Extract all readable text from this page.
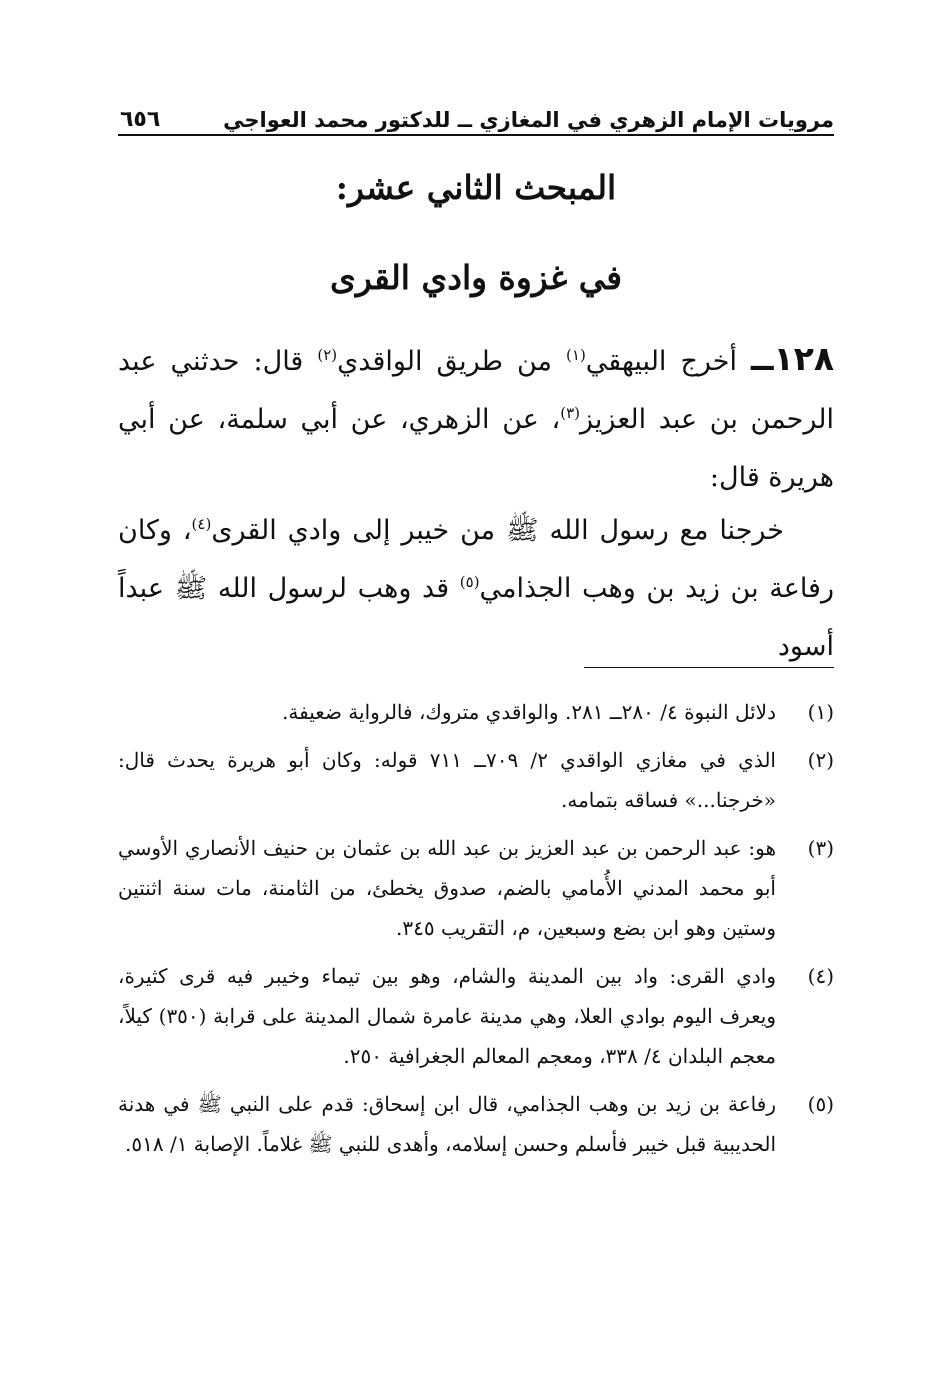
مرويات الإمام الزهري في المغازي ــ للدكتور محمد العواجي
٦٥٦
المبحث الثاني عشر:
في غزوة وادي القرى

١٢٨ــ أخرج البيهقي$^{(١)}$ من طريق الواقدي$^{(٢)}$ قال: حدثني عبد الرحمن بن عبد العزيز$^{(٣)}$، عن الزهري، عن أبي سلمة، عن أبي هريرة قال:

خرجنا مع رسول الله ﷺ من خيبر إلى وادي القرى$^{(٤)}$، وكان رفاعة بن زيد بن وهب الجذامي$^{(٥)}$ قد وهب لرسول الله ﷺ عبداً أسود

(١)
دلائل النبوة ٤/ ٢٨٠ــ ٢٨١. والواقدي متروك، فالرواية ضعيفة.
(٢)
الذي في مغازي الواقدي ٢/ ٧٠٩ــ ٧١١ قوله: وكان أبو هريرة يحدث قال: «خرجنا...» فساقه بتمامه.
(٣)
هو: عبد الرحمن بن عبد العزيز بن عبد الله بن عثمان بن حنيف الأنصاري الأوسي أبو محمد المدني الأُمامي بالضم، صدوق يخطئ، من الثامنة، مات سنة اثنتين وستين وهو ابن بضع وسبعين، م، التقريب ٣٤٥.
(٤)
وادي القرى: واد بين المدينة والشام، وهو بين تيماء وخيبر فيه قرى كثيرة، ويعرف اليوم بوادي العلا، وهي مدينة عامرة شمال المدينة على قرابة (٣٥٠) كيلاً، معجم البلدان ٤/ ٣٣٨، ومعجم المعالم الجغرافية ٢٥٠.
(٥)
رفاعة بن زيد بن وهب الجذامي، قال ابن إسحاق: قدم على النبي ﷺ في هدنة الحديبية قبل خيبر فأسلم وحسن إسلامه، وأهدى للنبي ﷺ غلاماً. الإصابة ١/ ٥١٨.
